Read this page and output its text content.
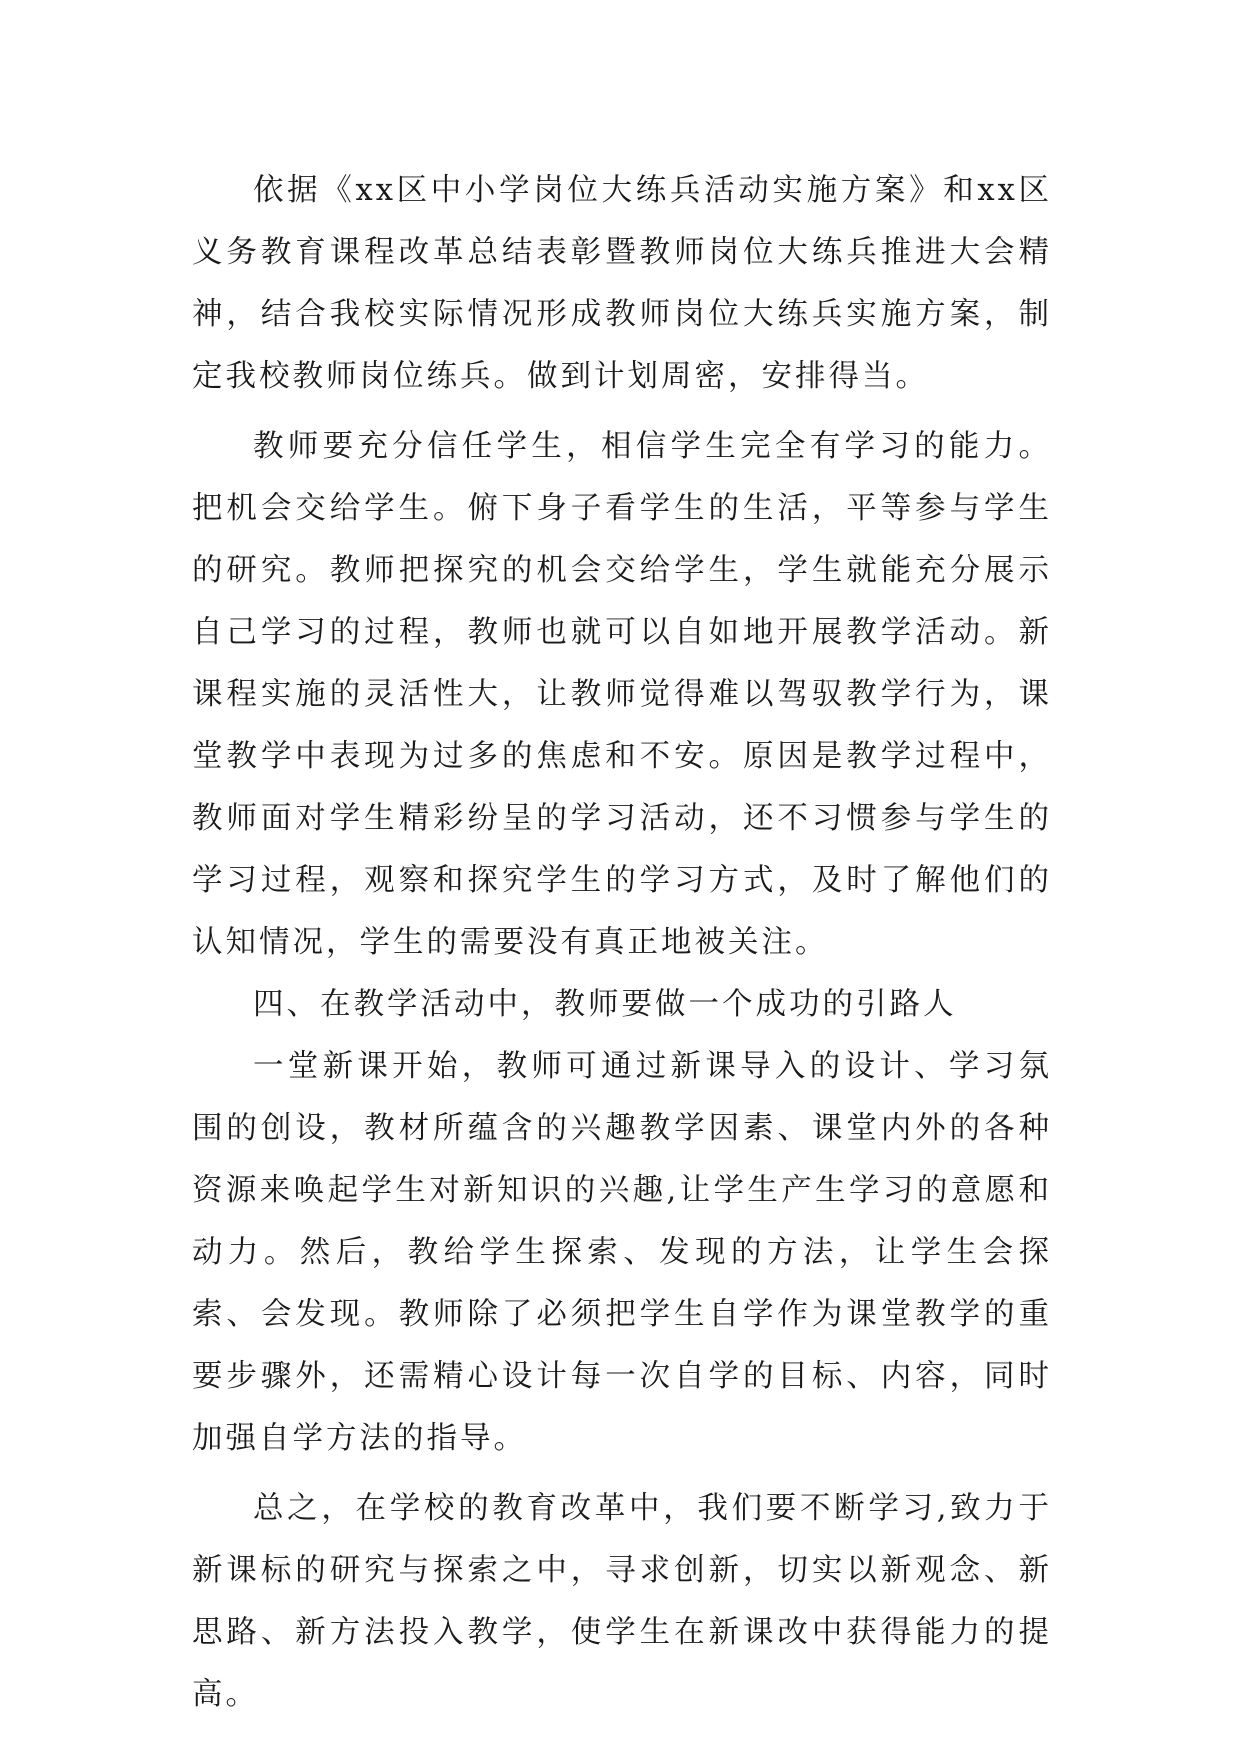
依据《xx区中小学岗位大练兵活动实施方案》和xx区义务教育课程改革总结表彰暨教师岗位大练兵推进大会精神，结合我校实际情况形成教师岗位大练兵实施方案，制定我校教师岗位练兵。做到计划周密，安排得当。

教师要充分信任学生，相信学生完全有学习的能力。把机会交给学生。俯下身子看学生的生活，平等参与学生的研究。教师把探究的机会交给学生，学生就能充分展示自己学习的过程，教师也就可以自如地开展教学活动。新课程实施的灵活性大，让教师觉得难以驾驭教学行为，课堂教学中表现为过多的焦虑和不安。原因是教学过程中，教师面对学生精彩纷呈的学习活动，还不习惯参与学生的学习过程，观察和探究学生的学习方式，及时了解他们的认知情况，学生的需要没有真正地被关注。

四、在教学活动中，教师要做一个成功的引路人

一堂新课开始，教师可通过新课导入的设计、学习氛围的创设，教材所蕴含的兴趣教学因素、课堂内外的各种资源来唤起学生对新知识的兴趣,让学生产生学习的意愿和动力。然后，教给学生探索、发现的方法，让学生会探索、会发现。教师除了必须把学生自学作为课堂教学的重要步骤外，还需精心设计每一次自学的目标、内容，同时加强自学方法的指导。

总之，在学校的教育改革中，我们要不断学习,致力于新课标的研究与探索之中，寻求创新，切实以新观念、新思路、新方法投入教学，使学生在新课改中获得能力的提高。
